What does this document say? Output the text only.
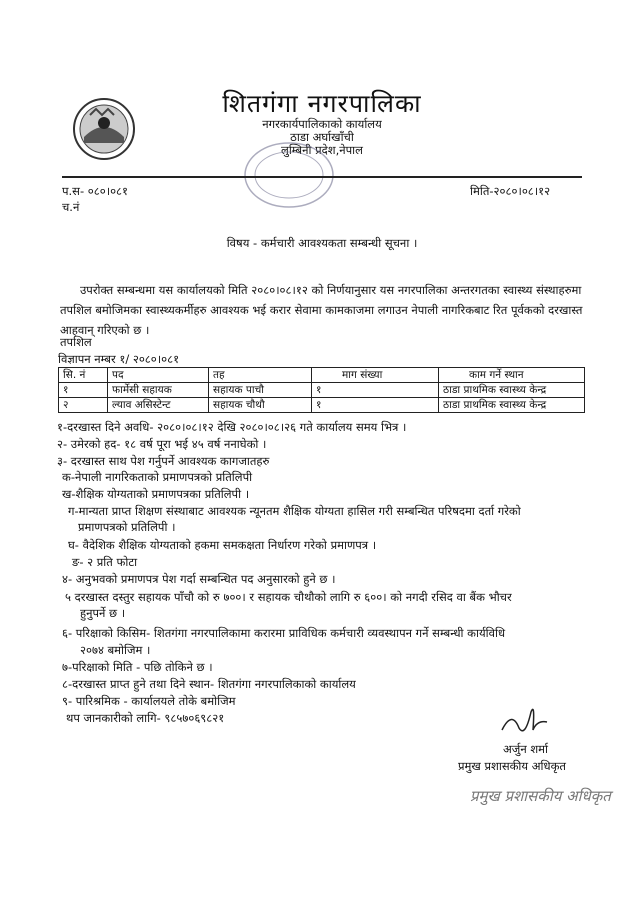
शितगंगा नगरपालिका
नगरकार्यपालिकाको कार्यालय
ठाडा अर्घाखाँची
लुम्बिनी प्रदेश,नेपाल
प.स- ०८०।०८१
च.नं
मिति-२०८०।०८।१२
विषय - कर्मचारी आवश्यकता सम्बन्धी सूचना ।
उपरोक्त सम्बन्धमा यस कार्यालयको मिति २०८०।०८।१२ को निर्णयानुसार यस नगरपालिका अन्तरगतका स्वास्थ्य संस्थाहरुमा तपशिल बमोजिमका स्वास्थ्यकर्मीहरु आवश्यक भई करार सेवामा कामकाजमा लगाउन नेपाली नागरिकबाट रित पूर्वकको दरखास्त आहवान् गरिएको छ ।
तपशिल
विज्ञापन नम्बर १/ २०८०।०८१
सि. नं	पद	तह	माग संख्या	काम गर्ने स्थान
१	फार्मेसी सहायक	सहायक पाचौ	१	ठाडा प्राथमिक स्वास्थ्य केन्द्र
२	ल्याव असिस्टेन्ट	सहायक चौथौ	१	ठाडा प्राथमिक स्वास्थ्य केन्द्र
१-दरखास्त दिने अवधि- २०८०।०८।१२ देखि २०८०।०८।२६ गते कार्यालय समय भित्र ।
२- उमेरको हद- १८ वर्ष पूरा भई ४५ वर्ष ननाघेको ।
३- दरखास्त साथ पेश गर्नुपर्ने आवश्यक कागजातहरु
क-नेपाली नागरिकताको प्रमाणपत्रको प्रतिलिपी
ख-शैक्षिक योग्यताको प्रमाणपत्रका प्रतिलिपी ।
ग-मान्यता प्राप्त शिक्षण संस्थाबाट आवश्यक न्यूनतम शैक्षिक योग्यता हासिल गरी सम्बन्धित परिषदमा दर्ता गरेको
प्रमाणपत्रको प्रतिलिपी ।
घ- वैदेशिक शैक्षिक योग्यताको हकमा समकक्षता निर्धारण गरेको प्रमाणपत्र ।
ङ- २ प्रति फोटा
४- अनुभवको प्रमाणपत्र पेश गर्दा सम्बन्धित पद अनुसारको हुने छ ।
५ दरखास्त दस्तुर सहायक पाँचौ को रु ७००। र सहायक चौथौको लागि रु ६००। को नगदी रसिद वा बैंक भौचर
हुनुपर्ने छ ।
६- परिक्षाको किसिम- शितगंगा नगरपालिकामा करारमा प्राविधिक कर्मचारी व्यवस्थापन गर्ने सम्बन्धी कार्यविधि
२०७४ बमोजिम ।
७-परिक्षाको मिति - पछि तोकिने छ ।
८-दरखास्त प्राप्त हुने तथा दिने स्थान- शितगंगा नगरपालिकाको कार्यालय
९- पारिश्रमिक - कार्यालयले तोके बमोजिम
थप जानकारीको लागि- ९८५७०६९८२१
अर्जुन शर्मा
प्रमुख प्रशासकीय अधिकृत
प्रमुख प्रशासकीय अधिकृत
